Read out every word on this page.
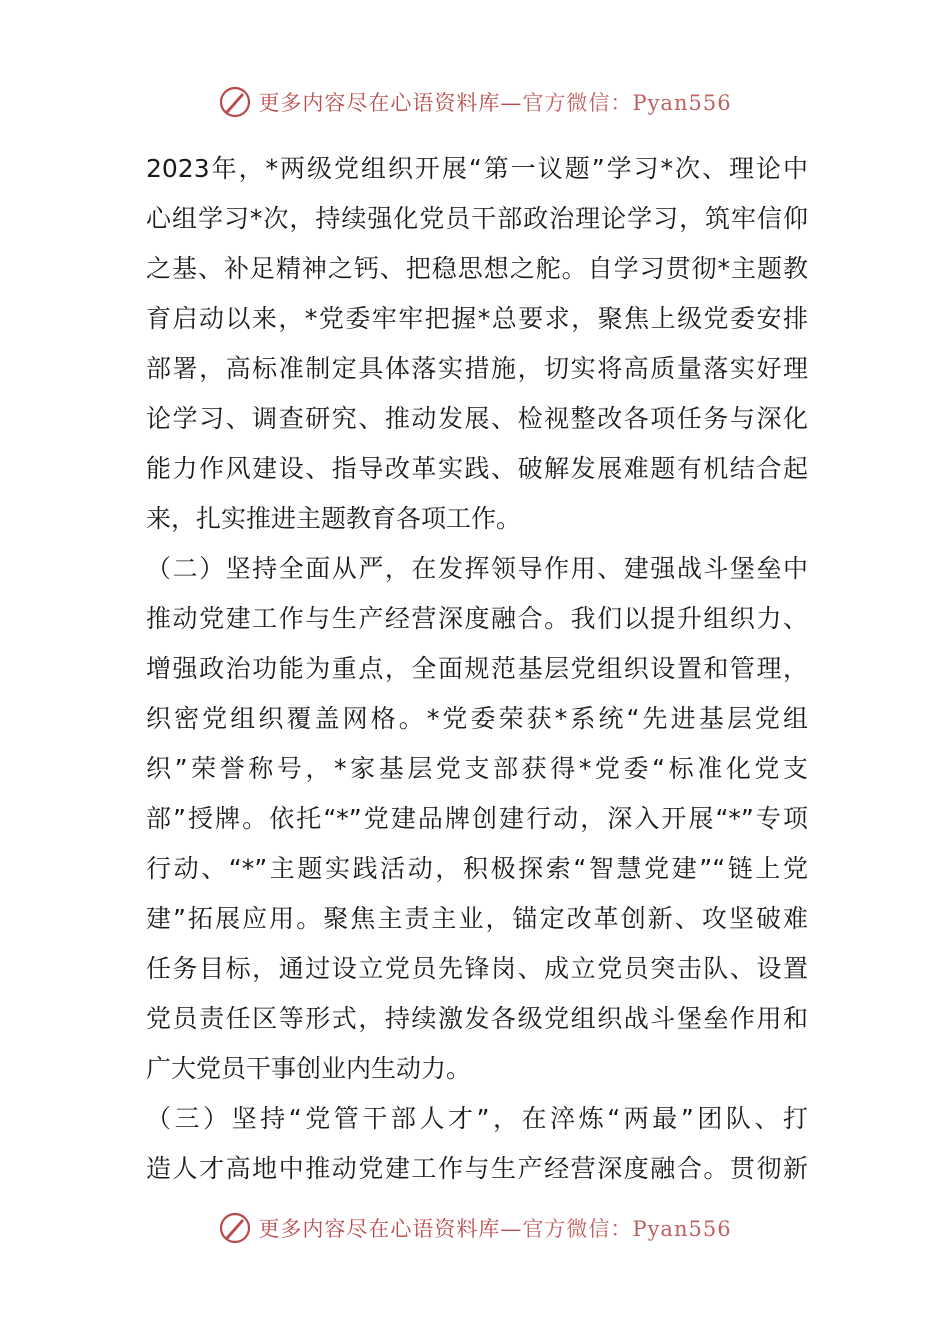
更多内容尽在心语资料库—官方微信：Pyan556
2023年，*两级党组织开展“第一议题”学习*次、理论中
心组学习*次，持续强化党员干部政治理论学习，筑牢信仰
之基、补足精神之钙、把稳思想之舵。自学习贯彻*主题教
育启动以来，*党委牢牢把握*总要求，聚焦上级党委安排
部署，高标准制定具体落实措施，切实将高质量落实好理
论学习、调查研究、推动发展、检视整改各项任务与深化
能力作风建设、指导改革实践、破解发展难题有机结合起
来，扎实推进主题教育各项工作。
（二）坚持全面从严，在发挥领导作用、建强战斗堡垒中
推动党建工作与生产经营深度融合。我们以提升组织力、
增强政治功能为重点，全面规范基层党组织设置和管理，
织密党组织覆盖网格。*党委荣获*系统“先进基层党组
织”荣誉称号，*家基层党支部获得*党委“标准化党支
部”授牌。依托“*”党建品牌创建行动，深入开展“*”专项
行动、“*”主题实践活动，积极探索“智慧党建”“链上党
建”拓展应用。聚焦主责主业，锚定改革创新、攻坚破难
任务目标，通过设立党员先锋岗、成立党员突击队、设置
党员责任区等形式，持续激发各级党组织战斗堡垒作用和
广大党员干事创业内生动力。
（三）坚持“党管干部人才”，在淬炼“两最”团队、打
造人才高地中推动党建工作与生产经营深度融合。贯彻新
更多内容尽在心语资料库—官方微信：Pyan556
